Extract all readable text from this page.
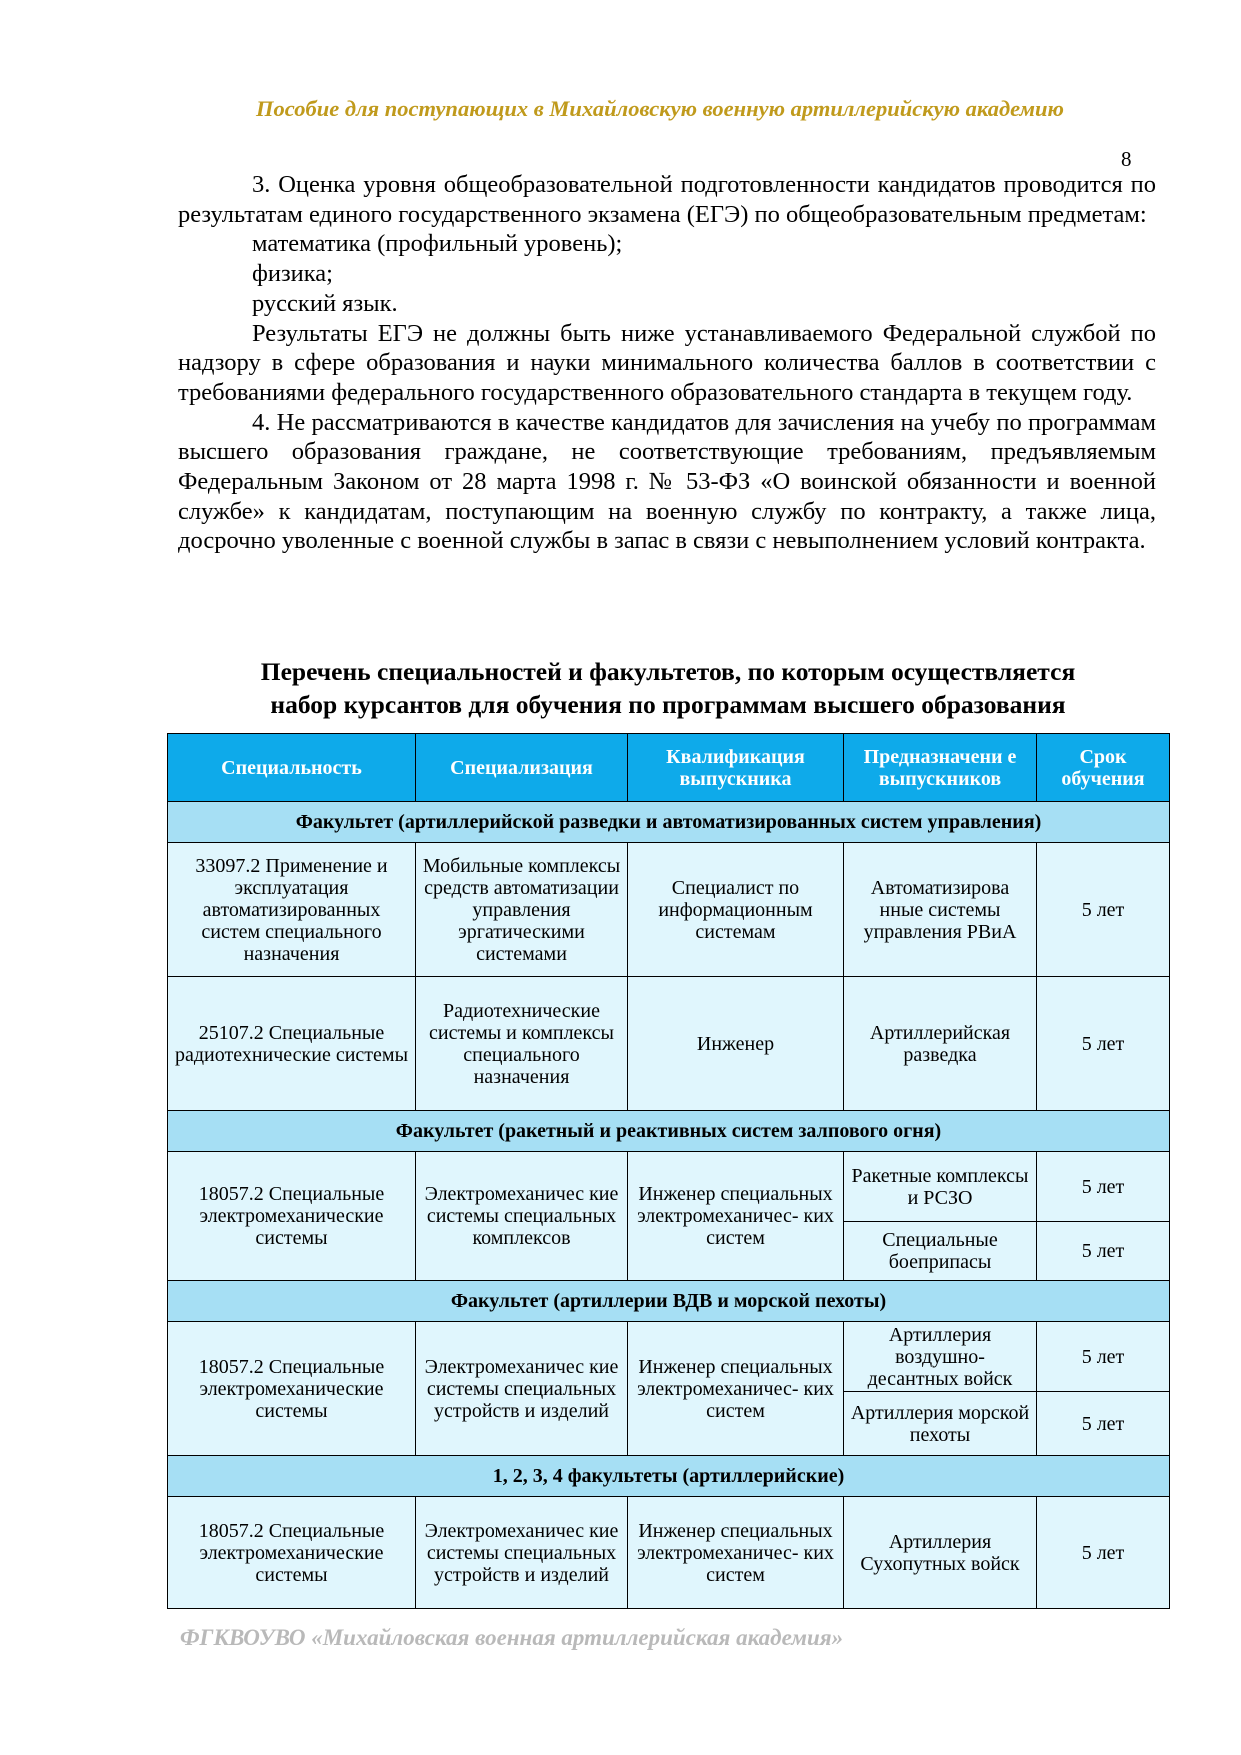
Пособие для поступающих в Михайловскую военную артиллерийскую академию
8

3. Оценка уровня общеобразовательной подготовленности кандидатов проводится по результатам единого государственного экзамена (ЕГЭ) по общеобразовательным предметам:

математика (профильный уровень);

физика;

русский язык.

Результаты ЕГЭ не должны быть ниже устанавливаемого Федеральной службой по надзору в сфере образования и науки минимального количества баллов в соответствии с требованиями федерального государственного образовательного стандарта в текущем году.

4. Не рассматриваются в качестве кандидатов для зачисления на учебу по программам высшего образования граждане, не соответствующие требованиям, предъявляемым Федеральным Законом от 28 марта 1998 г. № 53-ФЗ «О воинской обязанности и военной службе» к кандидатам, поступающим на военную службу по контракту, а также лица, досрочно уволенные с военной службы в запас в связи с невыполнением условий контракта.

Перечень специальностей и факультетов, по которым осуществляется
набор курсантов для обучения по программам высшего образования
Специальность	Специализация	Квалификация выпускника	Предназначени е выпускников	Срок обучения
Факультет (артиллерийской разведки и автоматизированных систем управления)				
33097.2 Применение и эксплуатация автоматизированных систем специального назначения	Мобильные комплексы средств автоматизации управления эргатическими системами	Специалист по информационным системам	Автоматизирова нные системы управления РВиА	5 лет
25107.2 Специальные радиотехнические системы	Радиотехнические системы и комплексы специального назначения	Инженер	Артиллерийская разведка	5 лет
Факультет (ракетный и реактивных систем залпового огня)				
18057.2 Специальные электромеханические системы	Электромеханичес кие системы специальных комплексов	Инженер специальных электромеханичес- ких систем	Ракетные комплексы и РСЗО	5 лет
			Специальные боеприпасы	5 лет
Факультет (артиллерии ВДВ и морской пехоты)				
18057.2 Специальные электромеханические системы	Электромеханичес кие системы специальных устройств и изделий	Инженер специальных электромеханичес- ких систем	Артиллерия воздушно- десантных войск	5 лет
			Артиллерия морской пехоты	5 лет
1, 2, 3, 4 факультеты (артиллерийские)				
18057.2 Специальные электромеханические системы	Электромеханичес кие системы специальных устройств и изделий	Инженер специальных электромеханичес- ких систем	Артиллерия Сухопутных войск	5 лет
ФГКВОУВО «Михайловская военная артиллерийская академия»
